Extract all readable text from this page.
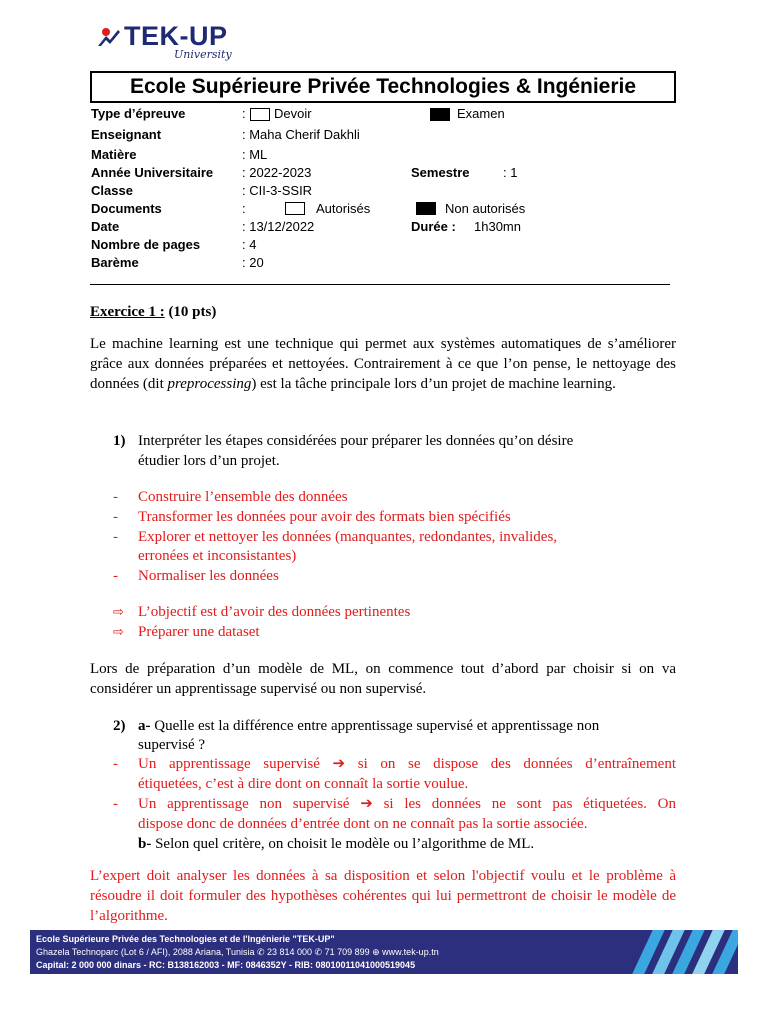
TEK-UP
University
Ecole Supérieure Privée Technologies & Ingénierie
Type d’épreuve	: Devoir	Examen
Enseignant	: Maha Cherif Dakhli
Matière	: ML
Année Universitaire : 2022-2023	Semestre	: 1
Classe	: CII-3-SSIR
Documents	:	Autorisés	Non autorisés
Date	: 13/12/2022	Durée : 1h30mn
Nombre de pages	: 4
Barème	: 20
Exercice 1 : (10 pts)
Le machine learning est une technique qui permet aux systèmes automatiques de s’améliorer grâce aux données préparées et nettoyées. Contrairement à ce que l’on pense, le nettoyage des données (dit preprocessing) est la tâche principale lors d’un projet de machine learning.
1) Interpréter les étapes considérées pour préparer les données qu’on désire
étudier lors d’un projet.
- Construire l’ensemble des données
- Transformer les données pour avoir des formats bien spécifiés
- Explorer et nettoyer les données (manquantes, redondantes, invalides,
erronées et inconsistantes)
- Normaliser les données
⇨ L’objectif est d’avoir des données pertinentes
⇨ Préparer une dataset
Lors de préparation d’un modèle de ML, on commence tout d’abord par choisir si on va considérer un apprentissage supervisé ou non supervisé.
2) a- Quelle est la différence entre apprentissage supervisé et apprentissage non
supervisé ?
- Un apprentissage supervisé ➔ si on se dispose des données d’entraînement
étiquetées, c’est à dire dont on connaît la sortie voulue.
- Un apprentissage non supervisé ➔ si les données ne sont pas étiquetées. On
dispose donc de données d’entrée dont on ne connaît pas la sortie associée.
b- Selon quel critère, on choisit le modèle ou l’algorithme de ML.
L’expert doit analyser les données à sa disposition et selon l'objectif voulu et le problème à résoudre il doit formuler des hypothèses cohérentes qui lui permettront de choisir le modèle de l’algorithme.
Ecole Supérieure Privée des Technologies et de l'Ingénierie "TEK-UP"
Ghazela Technoparc (Lot 6 / AFI), 2088 Ariana, Tunisia ✆ 23 814 000 ✆ 71 709 899 ⊕ www.tek-up.tn
Capital: 2 000 000 dinars - RC: B138162003 - MF: 0846352Y - RIB: 08010011041000519045
